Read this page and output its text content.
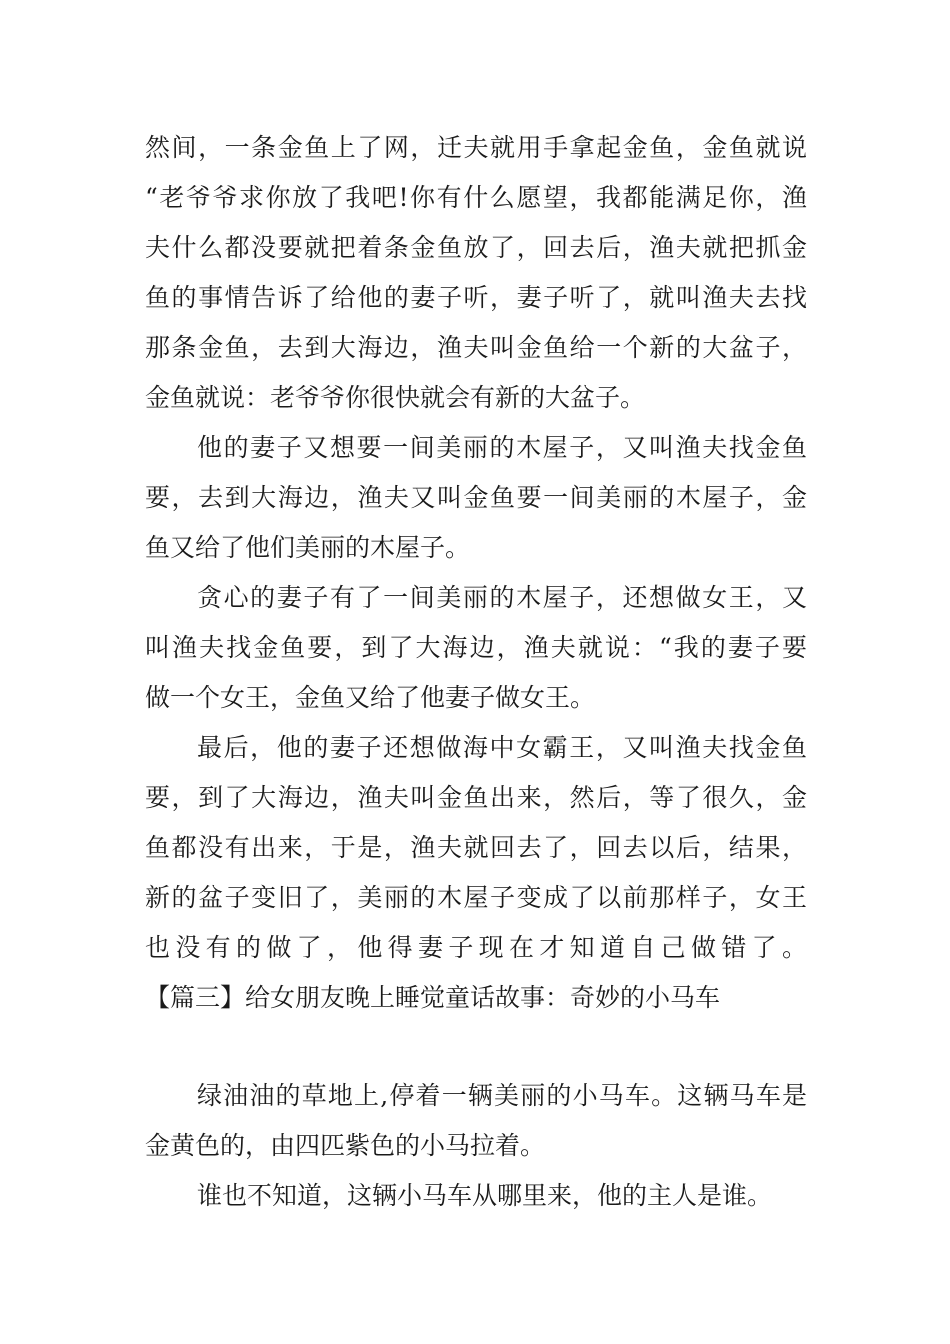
然间，一条金鱼上了网，迁夫就用手拿起金鱼，金鱼就说
“老爷爷求你放了我吧!你有什么愿望，我都能满足你，渔
夫什么都没要就把着条金鱼放了，回去后，渔夫就把抓金
鱼的事情告诉了给他的妻子听，妻子听了，就叫渔夫去找
那条金鱼，去到大海边，渔夫叫金鱼给一个新的大盆子，
金鱼就说：老爷爷你很快就会有新的大盆子。
他的妻子又想要一间美丽的木屋子，又叫渔夫找金鱼
要，去到大海边，渔夫又叫金鱼要一间美丽的木屋子，金
鱼又给了他们美丽的木屋子。
贪心的妻子有了一间美丽的木屋子，还想做女王，又
叫渔夫找金鱼要，到了大海边，渔夫就说：“我的妻子要
做一个女王，金鱼又给了他妻子做女王。
最后，他的妻子还想做海中女霸王，又叫渔夫找金鱼
要，到了大海边，渔夫叫金鱼出来，然后，等了很久，金
鱼都没有出来，于是，渔夫就回去了，回去以后，结果，
新的盆子变旧了，美丽的木屋子变成了以前那样子，女王
也没有的做了，他得妻子现在才知道自己做错了。
【篇三】给女朋友晚上睡觉童话故事：奇妙的小马车
绿油油的草地上,停着一辆美丽的小马车。这辆马车是
金黄色的，由四匹紫色的小马拉着。
谁也不知道，这辆小马车从哪里来，他的主人是谁。
